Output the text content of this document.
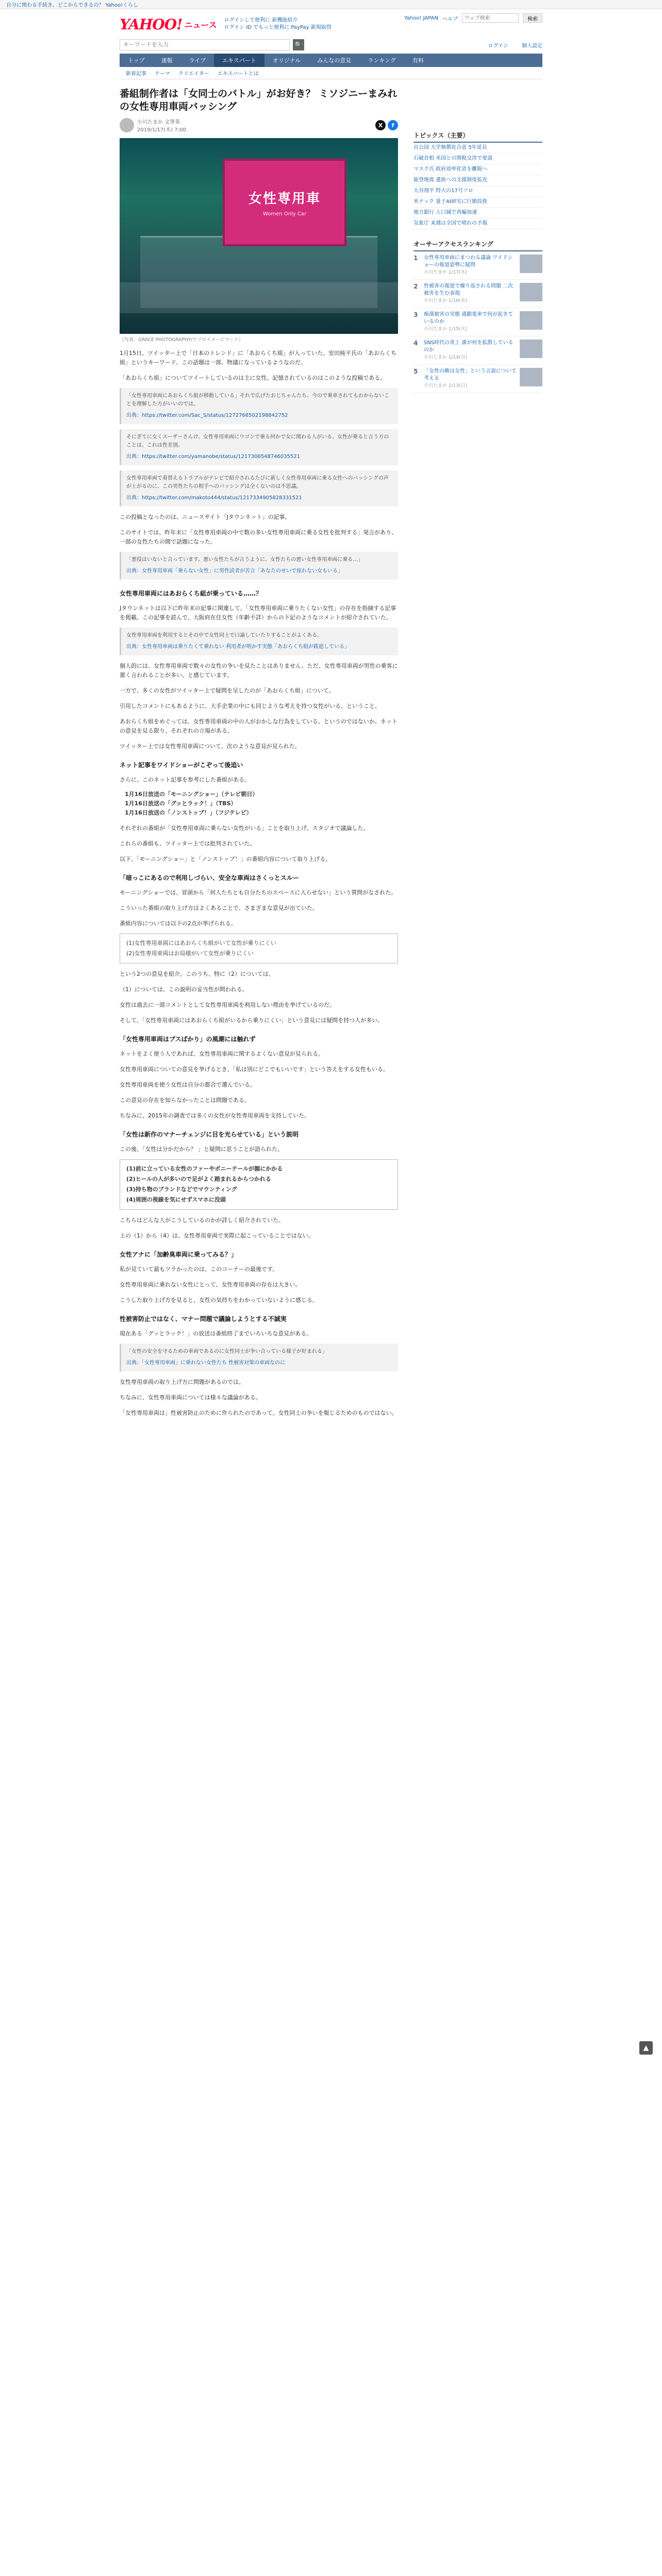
自分に関わる手続き、どこからできるの？ Yahoo!くらし
YAHOO! ニュース ログインして便利に 新機能紹介
ログイン ID でもっと便利に PayPay 新規取得
Yahoo! JAPAN ヘルプ
ウェブ検索	検索
キーワードを入力
🔍	ログイン	個人設定
トップ	速報	ライブ	エキスパート	オリジナル	みんなの意見	ランキング	有料
新着記事 テーマ クリエイター エキスパートとは
番組制作者は「女同士のバトル」がお好き？ ミソジニーまみれの女性専用車両バッシング
小川たまか 文筆業
2019/1/17(木) 7:00
X	f
女性専用車
Women Only Car
（写真：GRACE PHOTOGRAPHY/アフロイメージマート）
1月15日、ツイッター上で「日本のトレンド」に「あおらくち組」が入っていた。安田純平氏の「あおらくち組」というキーワード。この話題は一部、物議になっているようなのだ。
「あおらくち組」についてツイートしているのは主に女性。記憶されているのはこのような投稿である。
「女性専用車両にあおらくち組が移動している」それで広げたおじちゃんたち、今ので乗車されてもわからないことを理解した方がいいのでは。
出典：https://twitter.com/Sac_S/status/1272766502198842752
そにぎてに女くスーザーさんけ、女性専用車両にワゴンで乗る何かで女に関わる人がいる。女性が乗ると言う方のことは、これは性差別。
出典：https://twitter.com/yamanobe/status/1217306548746035521
女性専用車両で着替えるトラブルがテレビで紹介されるたびに新しく女性専用車両に乗る女性へのバッシングの声が上がるのに、この男性たちの相手へのバッシングは全くないのは不思議。
出典：https://twitter.com/makoto444/status/1217334905828331521
この投稿となったのは、ニュースサイト「Jタウンネット」の記事。
このサイトでは、昨年末に「女性専用車両の中で数の多い女性専用車両に乗る女性を批判する」発言があり、一部の女性たちの間で話題になった。
「悪役はいないと言っています。悪い女性たちが言うように、女性たちの悪い女性専用車両に乗る…」
出典：女性専用車両「乗らない女性」に男性読者が苦言「あなたのせいで座れない女もいる」
女性専用車両にはあおらくち組が乗っている……？
Jタウンネットは以下に昨年末の記事に関連して、「女性専用車両に乗りたくない女性」の存在を指摘する記事を掲載。この記事を読んで、大阪府在住女性（年齢不詳）からの下記のようなコメントが紹介されていた。
女性専用車両を利用するとその中で女性同士で口論していたりすることがよくある。
出典：女性専用車両は乗りたくて乗れない 利用者が明かす実態「あおらくち組が跋扈している」
個人的には、女性専用車両で数々の女性の争いを見たことはありません。ただ、女性専用車両が男性の乗客に悪く言われることが多い、と感じています。
一方で、多くの女性がツイッター上で疑問を呈したのが「あおらくち組」について。
引用したコメントにもあるように、大手企業の中にも同じような考えを持つ女性がいる、ということ。
あおらくち組をめぐっては、女性専用車両の中の人がおかしな行為をしている、というのではないか。ネットの意見を見る限り、それぞれの立場がある。
ツイッター上では女性専用車両について、次のような意見が見られた。
ネット記事をワイドショーがこぞって後追い
さらに、このネット記事を参考にした番組がある。
1月16日放送の「モーニングショー」（テレビ朝日）
1月16日放送の「グッとラック！」（TBS）
1月16日放送の「ノンストップ！」（フジテレビ）
それぞれの番組が「女性専用車両に乗らない女性がいる」ことを取り上げ、スタジオで議論した。
これらの番組も、ツイッター上では批判されていた。
以下、「モーニングショー」と「ノンストップ！」の番組内容について取り上げる。
「暗っこにあるので利用しづらい、安全な車両はさくっとスルー
モーニングショーでは、冒頭から「何人たちとも自分たちのスペースに入らせない」という質問がなされた。
こういった番組の取り上げ方はよくあることで、さまざまな意見が出ていた。
番組内容については以下の2点が挙げられる。
(1)女性専用車両にはあおらくち組がいて女性が乗りにくい
(2)女性専用車両はお局様がいて女性が乗りにくい
という2つの意見を紹介。このうち、特に（2）については、
（1）については、この説明の妥当性が問われる。
女性は過去に一部コメントとして女性専用車両を利用しない理由を挙げているのだ。
そして、「女性専用車両にはあおらくち組がいるから乗りにくい」という意見には疑問を持つ人が多い。
「女性専用車両はブスばかり」の風潮には触れず
ネットをよく使う人であれば、女性専用車両に関するよくない意見が見られる。
女性専用車両についての意見を挙げるとき、「私は別にどこでもいいです」という答えをする女性もいる。
女性専用車両を使う女性は自分の都合で選んでいる。
この意見の存在を知らなかったことは問題である。
ちなみに、2015年の調査では多くの女性が女性専用車両を支持していた。
「女性は新作のマナーチェンジに目を光らせている」という説明
この後、「女性は分かだから？ 」と疑問に思うことが語られた。
(1)前に立っている女性のファーやボニーテールが顔にかかる
(2)ヒールの人が多いので足がよく踏まれるからつかれる
(3)持ち物のブランドなどでマウンティング
(4)周囲の視線を気にせずスマホに没頭
こちらはどんな人がこうしているのかが詳しく紹介されていた。
上の（1）から（4）は、女性専用車両で実際に起こっていることではない。
女性アナに「加齢臭車両に乗ってみる？」
私が見ていて最もツラかったのは、このコーナーの最後です。
女性専用車両に乗れない女性にとって、女性専用車両の存在は大きい。
こうした取り上げ方を見ると、女性の気持ちをわかっていないように感じる。
性被害防止ではなく、マナー問題で議論しようとする不誠実
現在ある「グッとラック！」の放送は番組終了までいろいろな意見がある。
「女性の安全を守るための車両であるのに女性同士が争い合っている様子が好まれる」
出典：「女性専用車両」に乗れない女性たち 性被害対策の車両なのに
女性専用車両の取り上げ方に問題があるのでは。
ちなみに、女性専用車両については様々な議論がある。
「女性専用車両は」性被害防止のために作られたのであって、女性同士の争いを報じるためのものではない。
トピックス（主要）
自公国 大学無償化合意 5年延長
石破首相 米国との関税交渉で要請
マスク氏 政府効率化省を離脱へ
能登地震 遺族への支援制度拡充
大谷翔平 特大の17号ソロ
米テック 量子AI研究に巨額投資
地方銀行 人口減で再編加速
気象庁 来週は全国で晴れの予報
オーサーアクセスランキング
1	女性専用車両にまつわる議論 ワイドショーの報道姿勢に疑問
小川たまか 1/17(木)
2	性被害の報道で繰り返される問題 二次被害を生む表現
小川たまか 1/16(水)
3	痴漢被害の実態 通勤電車で何が起きているのか
小川たまか 1/15(火)
4	SNS時代の炎上 誰が何を拡散しているのか
小川たまか 1/14(月)
5	「女性の敵は女性」という言説について考える
小川たまか 1/13(日)
▲
